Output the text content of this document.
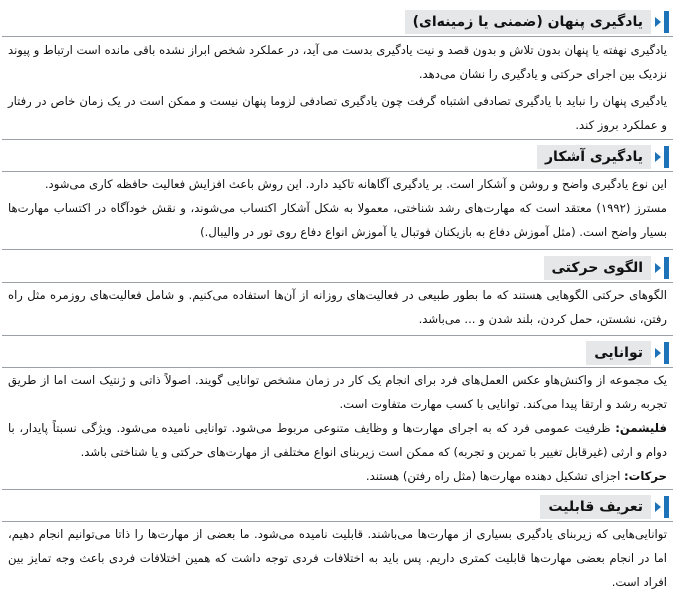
یادگیری پنهان (ضمنی یا زمینه‌ای)

یادگیری نهفته یا پنهان بدون تلاش و بدون قصد و نیت یادگیری بدست می آید، در عملکرد شخص ابراز نشده باقی مانده است ارتباط و پیوند نزدیک بین اجرای حرکتی و یادگیری را نشان می‌دهد.

یادگیری پنهان را نباید با یادگیری تصادفی اشتباه گرفت چون یادگیری تصادفی لزوما پنهان نیست و ممکن است در یک زمان خاص در رفتار و عملکرد بروز کند.

یادگیری آشکار

این نوع یادگیری واضح و روشن و آشکار است. بر یادگیری آگاهانه تاکید دارد. این روش باعث افزایش فعالیت حافظه کاری می‌شود.

مسترز (۱۹۹۲) معتقد است که مهارت‌های رشد شناختی، معمولا به شکل آشکار اکتساب می‌شوند، و نقش خودآگاه در اکتساب مهارت‌ها بسیار واضح است. (مثل آموزش دفاع به بازیکنان فوتبال یا آموزش انواع دفاع روی تور در والیبال.)

الگوی حرکتی

الگوهای حرکتی الگوهایی هستند که ما بطور طبیعی در فعالیت‌های روزانه از آن‌ها استفاده می‌کنیم. و شامل فعالیت‌های روزمره مثل راه رفتن، نشستن، حمل کردن، بلند شدن و ... می‌باشد.

توانایی

یک مجموعه از واکنش‌هاو عکس العمل‌های فرد برای انجام یک کار در زمان مشخص توانایی گویند. اصولاً ذاتی و ژنتیک است اما از طریق تجربه رشد و ارتقا پیدا می‌کند. توانایی با کسب مهارت متفاوت است.

فلیشمن: ظرفیت عمومی فرد که به اجرای مهارت‌ها و وظایف متنوعی مربوط می‌شود. توانایی نامیده می‌شود. ویژگی نسبتاً پایدار، با دوام و ارثی (غیرقابل تغییر با تمرین و تجربه) که ممکن است زیربنای انواع مختلفی از مهارت‌های حرکتی و یا شناختی باشد.

حرکات: اجزای تشکیل دهنده مهارت‌ها (مثل راه رفتن) هستند.

تعریف قابلیت

توانایی‌هایی که زیربنای یادگیری بسیاری از مهارت‌ها می‌باشند. قابلیت نامیده می‌شود. ما بعضی از مهارت‌ها را ذاتا می‌توانیم انجام دهیم، اما در انجام بعضی مهارت‌ها قابلیت کمتری داریم. پس باید به اختلافات فردی توجه داشت که همین اختلافات فردی باعث وجه تمایز بین افراد است.
